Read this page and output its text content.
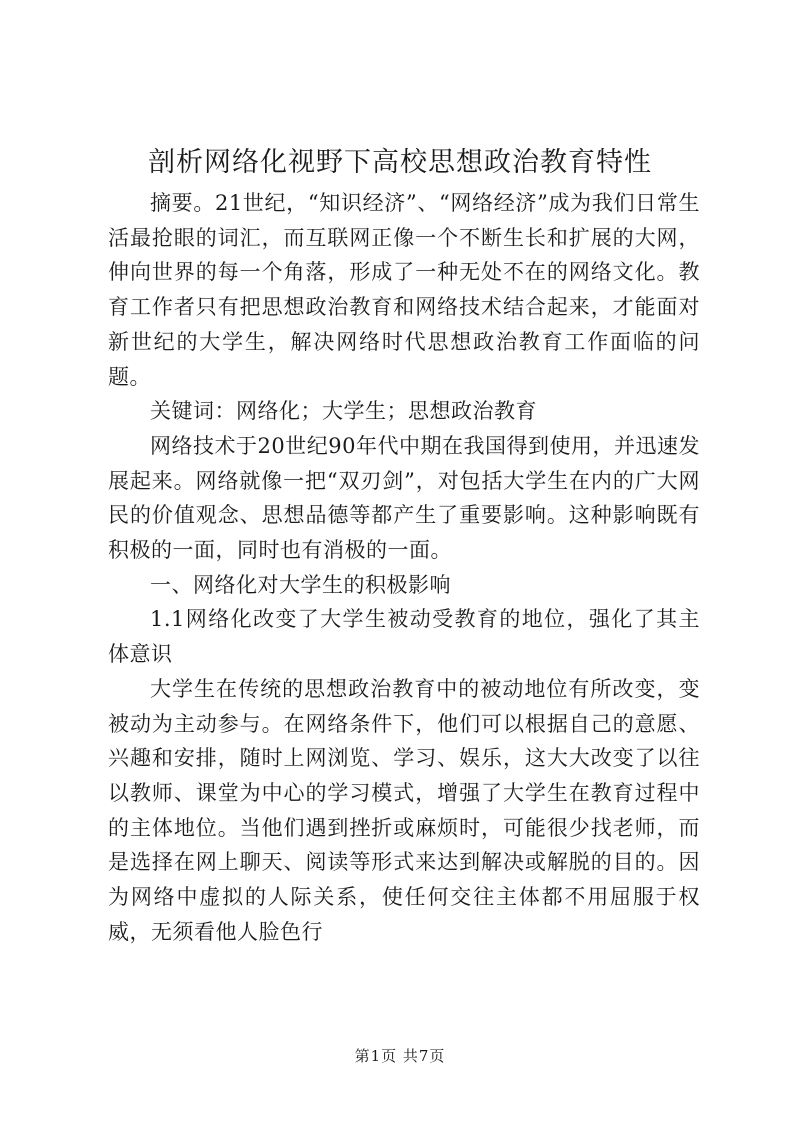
剖析网络化视野下高校思想政治教育特性

摘要。21世纪，“知识经济”、“网络经济”成为我们日常生活最抢眼的词汇，而互联网正像一个不断生长和扩展的大网，伸向世界的每一个角落，形成了一种无处不在的网络文化。教育工作者只有把思想政治教育和网络技术结合起来，才能面对新世纪的大学生，解决网络时代思想政治教育工作面临的问题。

关键词：网络化；大学生；思想政治教育

网络技术于20世纪90年代中期在我国得到使用，并迅速发展起来。网络就像一把“双刃剑”，对包括大学生在内的广大网民的价值观念、思想品德等都产生了重要影响。这种影响既有积极的一面，同时也有消极的一面。

一、网络化对大学生的积极影响

1.1网络化改变了大学生被动受教育的地位，强化了其主体意识

大学生在传统的思想政治教育中的被动地位有所改变，变被动为主动参与。在网络条件下，他们可以根据自己的意愿、兴趣和安排，随时上网浏览、学习、娱乐，这大大改变了以往以教师、课堂为中心的学习模式，增强了大学生在教育过程中的主体地位。当他们遇到挫折或麻烦时，可能很少找老师，而是选择在网上聊天、阅读等形式来达到解决或解脱的目的。因为网络中虚拟的人际关系，使任何交往主体都不用屈服于权威，无须看他人脸色行

第1页 共7页
